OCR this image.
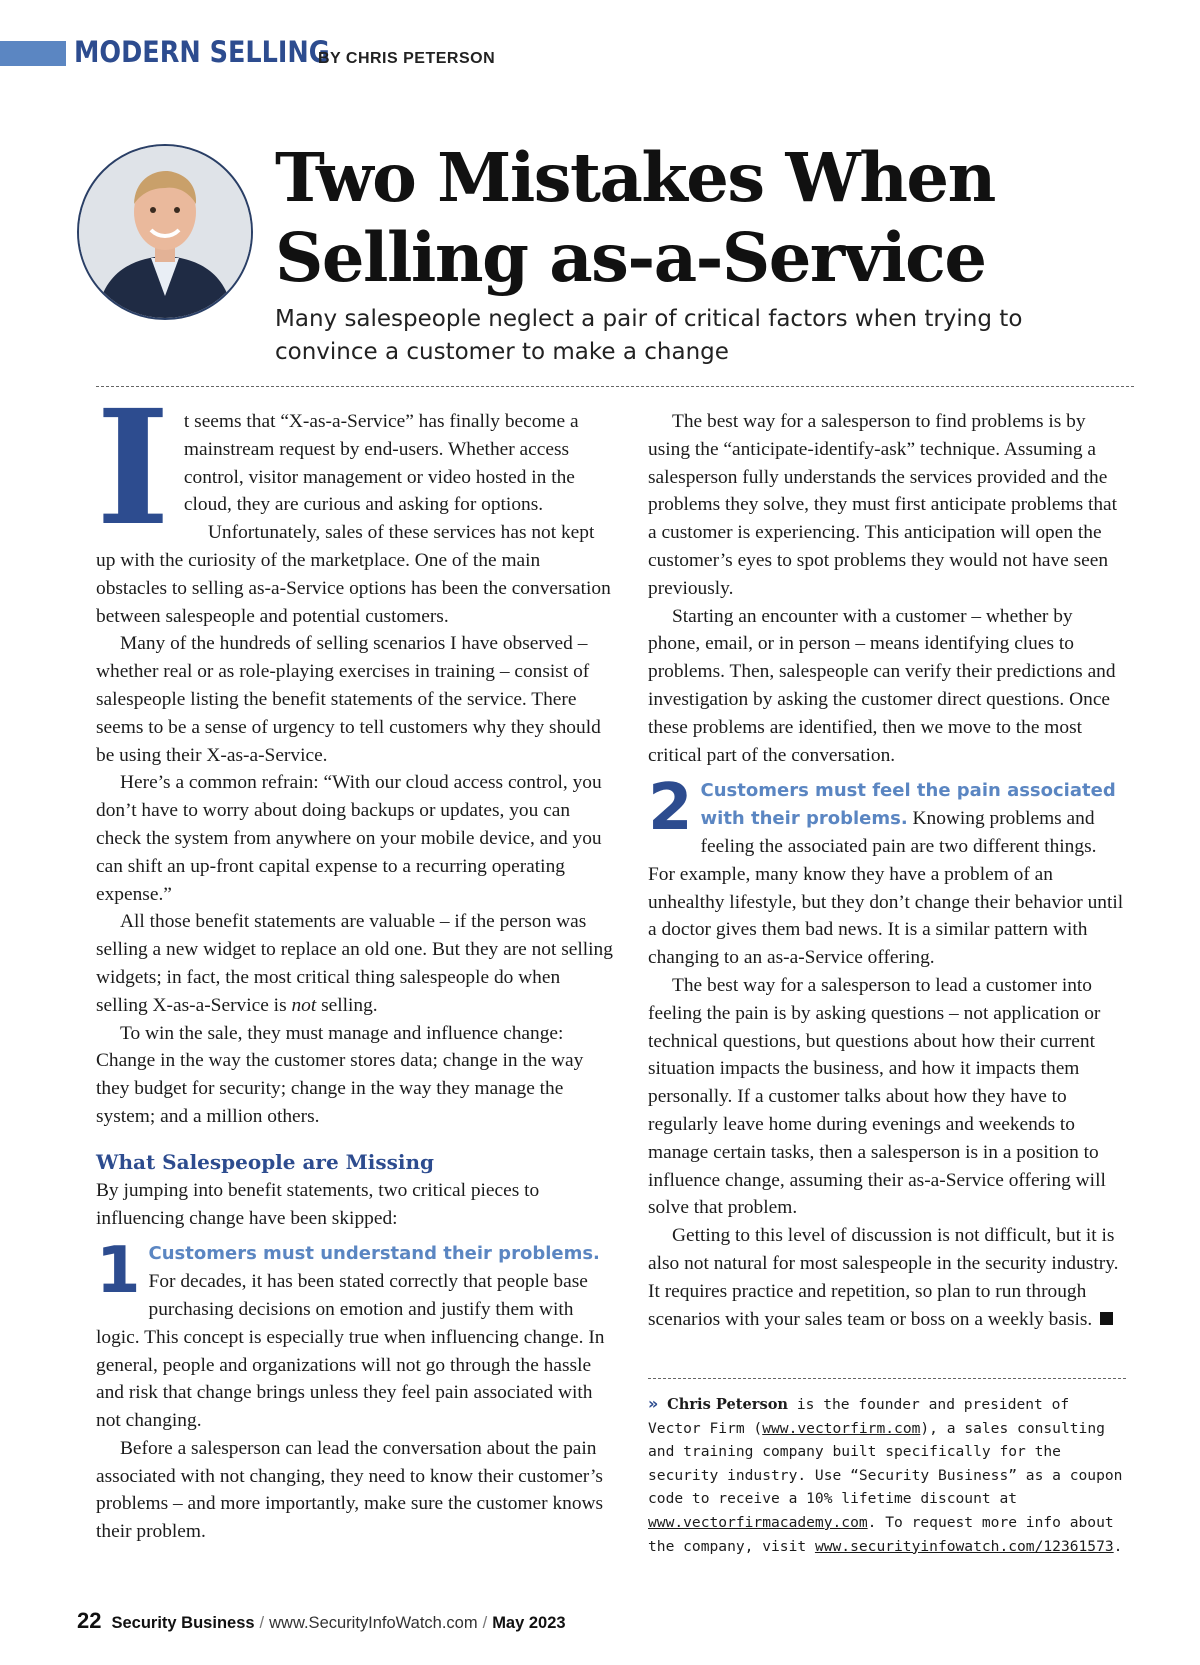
MODERN SELLING
BY CHRIS PETERSON
Two Mistakes When
Selling as-a-Service
Many salespeople neglect a pair of critical factors when trying to
convince a customer to make a change
I t seems that “X-as-a-Service” has finally become a mainstream request by end-users. Whether access control, visitor management or video hosted in the cloud, they are curious and asking for options.

Unfortunately, sales of these services has not kept up with the curiosity of the marketplace. One of the main obstacles to selling as-a-Service options has been the conversation between salespeople and potential customers.

Many of the hundreds of selling scenarios I have observed – whether real or as role-playing exercises in training – consist of salespeople listing the benefit statements of the service. There seems to be a sense of urgency to tell customers why they should be using their X-as-a-Service.

Here’s a common refrain: “With our cloud access control, you don’t have to worry about doing backups or updates, you can check the system from anywhere on your mobile device, and you can shift an up-front capital expense to a recurring operating expense.”

All those benefit statements are valuable – if the person was selling a new widget to replace an old one. But they are not selling widgets; in fact, the most critical thing salespeople do when selling X-as-a-Service is not selling.

To win the sale, they must manage and influence change: Change in the way the customer stores data; change in the way they budget for security; change in the way they manage the system; and a million others.

What Salespeople are Missing

By jumping into benefit statements, two critical pieces to influencing change have been skipped:

1 Customers must understand their problems. For decades, it has been stated correctly that people base purchasing decisions on emotion and justify them with logic. This concept is especially true when influencing change. In general, people and organizations will not go through the hassle and risk that change brings unless they feel pain associated with not changing.

Before a salesperson can lead the conversation about the pain associated with not changing, they need to know their customer’s problems – and more importantly, make sure the customer knows their problem.

The best way for a salesperson to find problems is by using the “anticipate-identify-ask” technique. Assuming a salesperson fully understands the services provided and the problems they solve, they must first anticipate problems that a customer is experiencing. This anticipation will open the customer’s eyes to spot problems they would not have seen previously.

Starting an encounter with a customer – whether by phone, email, or in person – means identifying clues to problems. Then, salespeople can verify their predictions and investigation by asking the customer direct questions. Once these problems are identified, then we move to the most critical part of the conversation.

2 Customers must feel the pain associated with their problems. Knowing problems and feeling the associated pain are two different things. For example, many know they have a problem of an unhealthy lifestyle, but they don’t change their behavior until a doctor gives them bad news. It is a similar pattern with changing to an as-a-Service offering.

The best way for a salesperson to lead a customer into feeling the pain is by asking questions – not application or technical questions, but questions about how their current situation impacts the business, and how it impacts them personally. If a customer talks about how they have to regularly leave home during evenings and weekends to manage certain tasks, then a salesperson is in a position to influence change, assuming their as-a-Service offering will solve that problem.

Getting to this level of discussion is not difficult, but it is also not natural for most salespeople in the security industry. It requires practice and repetition, so plan to run through scenarios with your sales team or boss on a weekly basis.

» Chris Peterson is the founder and president of Vector Firm (www.vectorfirm.com), a sales consulting and training company built specifically for the security industry. Use “Security Business” as a coupon code to receive a 10% lifetime discount at www.vectorfirmacademy.com. To request more info about the company, visit www.securityinfowatch.com/12361573.
22 Security Business / www.SecurityInfoWatch.com / May 2023
